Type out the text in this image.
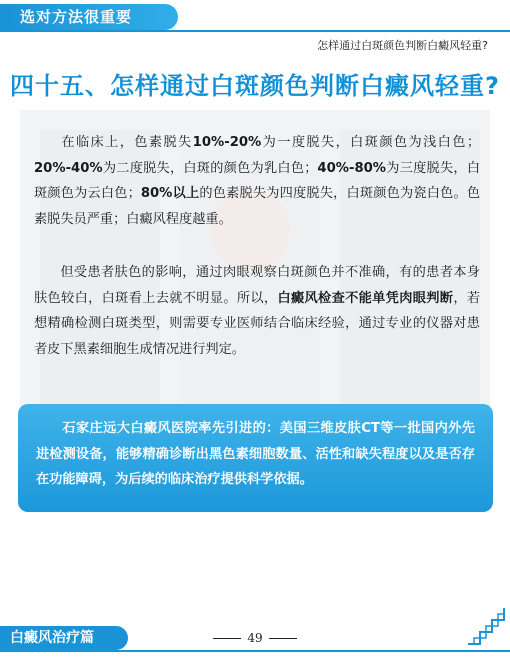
选对方法很重要
怎样通过白斑颜色判断白癜风轻重?
四十五、怎样通过白斑颜色判断白癜风轻重?

在临床上，色素脱失10%-20%为一度脱失，白斑颜色为浅白色；20%-40%为二度脱失，白斑的颜色为乳白色；40%-80%为三度脱失，白斑颜色为云白色；80%以上的色素脱失为四度脱失，白斑颜色为瓷白色。色素脱失员严重；白癜风程度越重。

但受患者肤色的影响，通过肉眼观察白斑颜色并不准确，有的患者本身肤色较白，白斑看上去就不明显。所以，白癜风检查不能单凭肉眼判断，若想精确检测白斑类型，则需要专业医师结合临床经验，通过专业的仪器对患者皮下黑素细胞生成情况进行判定。

石家庄远大白癜风医院率先引进的：美国三维皮肤CT等一批国内外先进检测设备，能够精确诊断出黑色素细胞数量、活性和缺失程度以及是否存在功能障碍，为后续的临床治疗提供科学依据。
白癜风治疗篇	49
